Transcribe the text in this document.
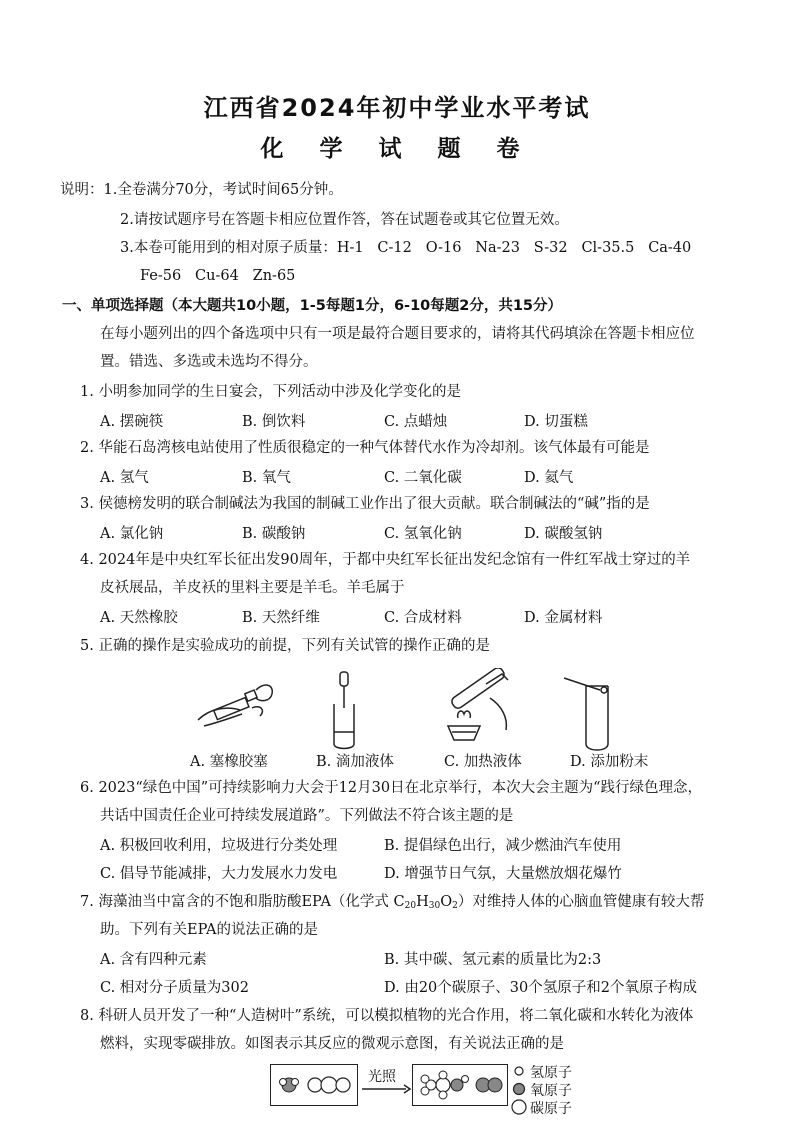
江西省2024年初中学业水平考试
化 学 试 题 卷
说明：1.全卷满分70分，考试时间65分钟。
2.请按试题序号在答题卡相应位置作答，答在试题卷或其它位置无效。
3.本卷可能用到的相对原子质量：H-1   C-12   O-16   Na-23   S-32   Cl-35.5   Ca-40
Fe-56   Cu-64   Zn-65
一、单项选择题（本大题共10小题，1-5每题1分，6-10每题2分，共15分）
在每小题列出的四个备选项中只有一项是最符合题目要求的，请将其代码填涂在答题卡相应位
置。错选、多选或未选均不得分。
1. 小明参加同学的生日宴会，下列活动中涉及化学变化的是
A. 摆碗筷	B. 倒饮料	C. 点蜡烛	D. 切蛋糕
2. 华能石岛湾核电站使用了性质很稳定的一种气体替代水作为冷却剂。该气体最有可能是
A. 氢气	B. 氧气	C. 二氧化碳	D. 氦气
3. 侯德榜发明的联合制碱法为我国的制碱工业作出了很大贡献。联合制碱法的“碱”指的是
A. 氯化钠	B. 碳酸钠	C. 氢氧化钠	D. 碳酸氢钠
4. 2024年是中央红军长征出发90周年，于都中央红军长征出发纪念馆有一件红军战士穿过的羊
皮袄展品，羊皮袄的里料主要是羊毛。羊毛属于
A. 天然橡胶	B. 天然纤维	C. 合成材料	D. 金属材料
5. 正确的操作是实验成功的前提，下列有关试管的操作正确的是
A. 塞橡胶塞	B. 滴加液体	C. 加热液体	D. 添加粉末
6. 2023“绿色中国”可持续影响力大会于12月30日在北京举行，本次大会主题为“践行绿色理念，
共话中国责任企业可持续发展道路”。下列做法不符合该主题的是
A. 积极回收利用，垃圾进行分类处理	B. 提倡绿色出行，减少燃油汽车使用
C. 倡导节能减排，大力发展水力发电	D. 增强节日气氛，大量燃放烟花爆竹
7. 海藻油当中富含的不饱和脂肪酸EPA（化学式 $C_{20}H_{30}O_2$）对维持人体的心脑血管健康有较大帮
助。下列有关EPA的说法正确的是
A. 含有四种元素	B. 其中碳、氢元素的质量比为2:3
C. 相对分子质量为302	D. 由20个碳原子、30个氢原子和2个氧原子构成
8. 科研人员开发了一种“人造树叶”系统，可以模拟植物的光合作用，将二氧化碳和水转化为液体
燃料，实现零碳排放。如图表示其反应的微观示意图，有关说法正确的是
光照	氢原子
氧原子
碳原子
